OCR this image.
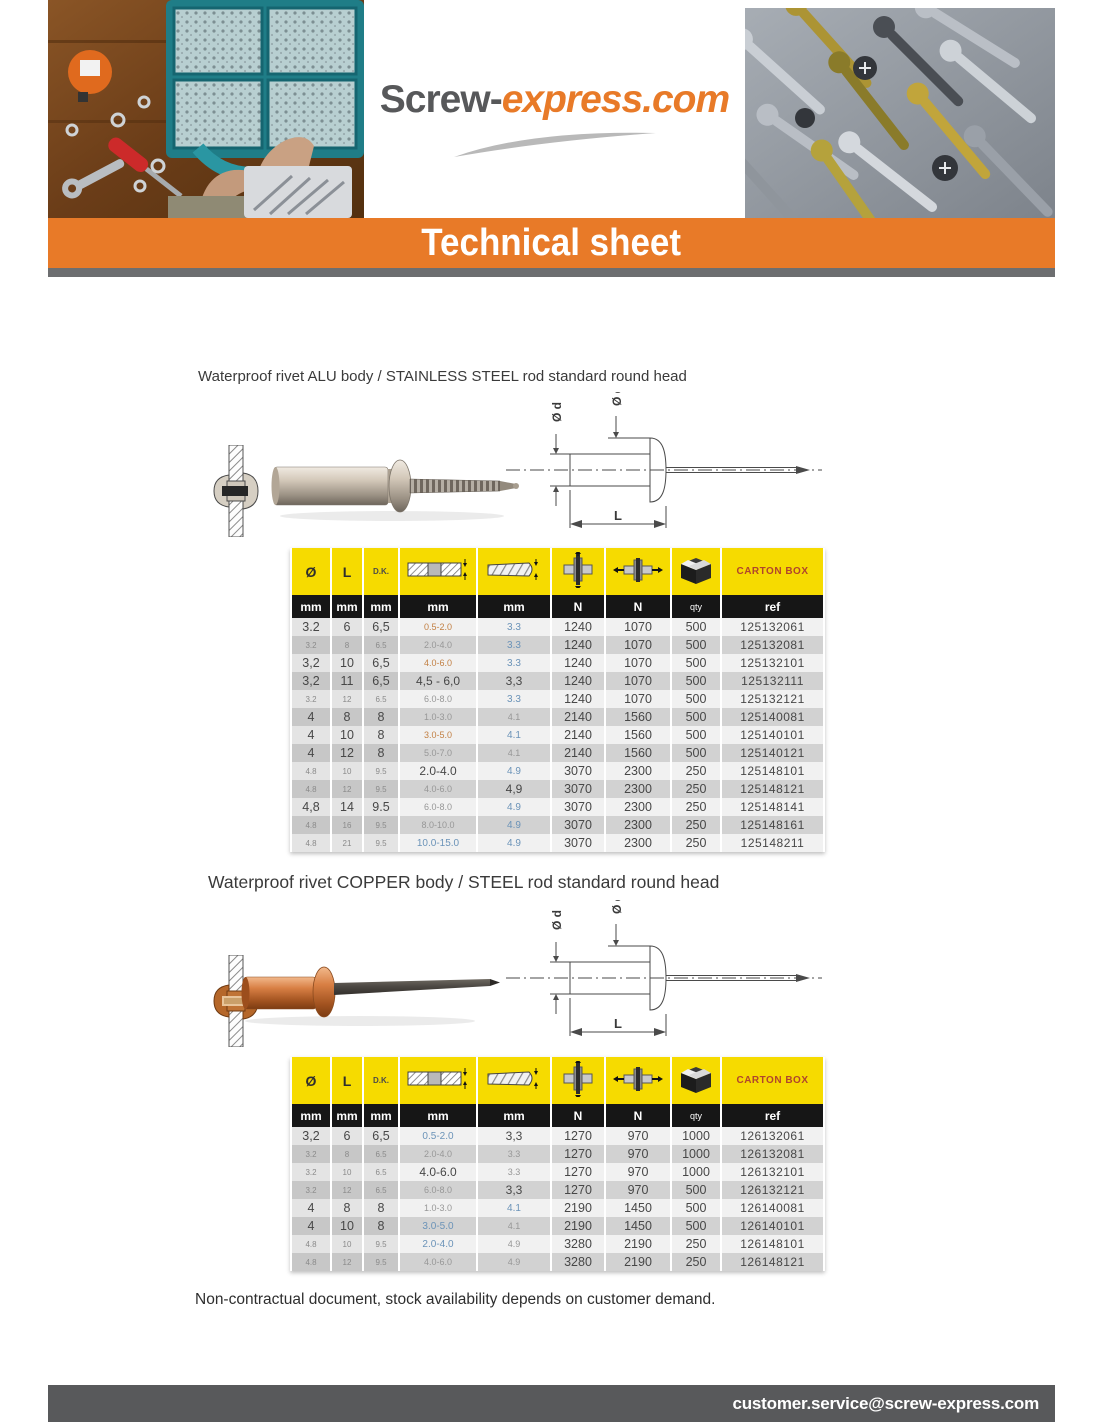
Screw-express.com
Technical sheet
Waterproof rivet ALU body / STAINLESS STEEL rod standard round head
Ø d
Ø dk
L
Ø	L	D.K.						CARTON BOX
mm	mm	mm	mm	mm	N	N	qty	ref
3.2	6	6,5	0.5-2.0	3.3	1240	1070	500	125132061
3.2	8	6.5	2.0-4.0	3.3	1240	1070	500	125132081
3,2	10	6,5	4.0-6.0	3.3	1240	1070	500	125132101
3,2	11	6,5	4,5 - 6,0	3,3	1240	1070	500	125132111
3.2	12	6.5	6.0-8.0	3.3	1240	1070	500	125132121
4	8	8	1.0-3.0	4.1	2140	1560	500	125140081
4	10	8	3.0-5.0	4.1	2140	1560	500	125140101
4	12	8	5.0-7.0	4.1	2140	1560	500	125140121
4.8	10	9.5	2.0-4.0	4.9	3070	2300	250	125148101
4.8	12	9.5	4.0-6.0	4,9	3070	2300	250	125148121
4,8	14	9.5	6.0-8.0	4.9	3070	2300	250	125148141
4.8	16	9.5	8.0-10.0	4.9	3070	2300	250	125148161
4.8	21	9.5	10.0-15.0	4.9	3070	2300	250	125148211
Waterproof rivet COPPER body / STEEL rod standard round head
Ø d
Ø dk
L
Ø	L	D.K.						CARTON BOX
mm	mm	mm	mm	mm	N	N	qty	ref
3,2	6	6,5	0.5-2.0	3,3	1270	970	1000	126132061
3.2	8	6.5	2.0-4.0	3.3	1270	970	1000	126132081
3.2	10	6.5	4.0-6.0	3.3	1270	970	1000	126132101
3.2	12	6.5	6.0-8.0	3,3	1270	970	500	126132121
4	8	8	1.0-3.0	4.1	2190	1450	500	126140081
4	10	8	3.0-5.0	4.1	2190	1450	500	126140101
4.8	10	9.5	2.0-4.0	4.9	3280	2190	250	126148101
4.8	12	9.5	4.0-6.0	4.9	3280	2190	250	126148121
Non-contractual document, stock availability depends on customer demand.
customer.service@screw-express.com
